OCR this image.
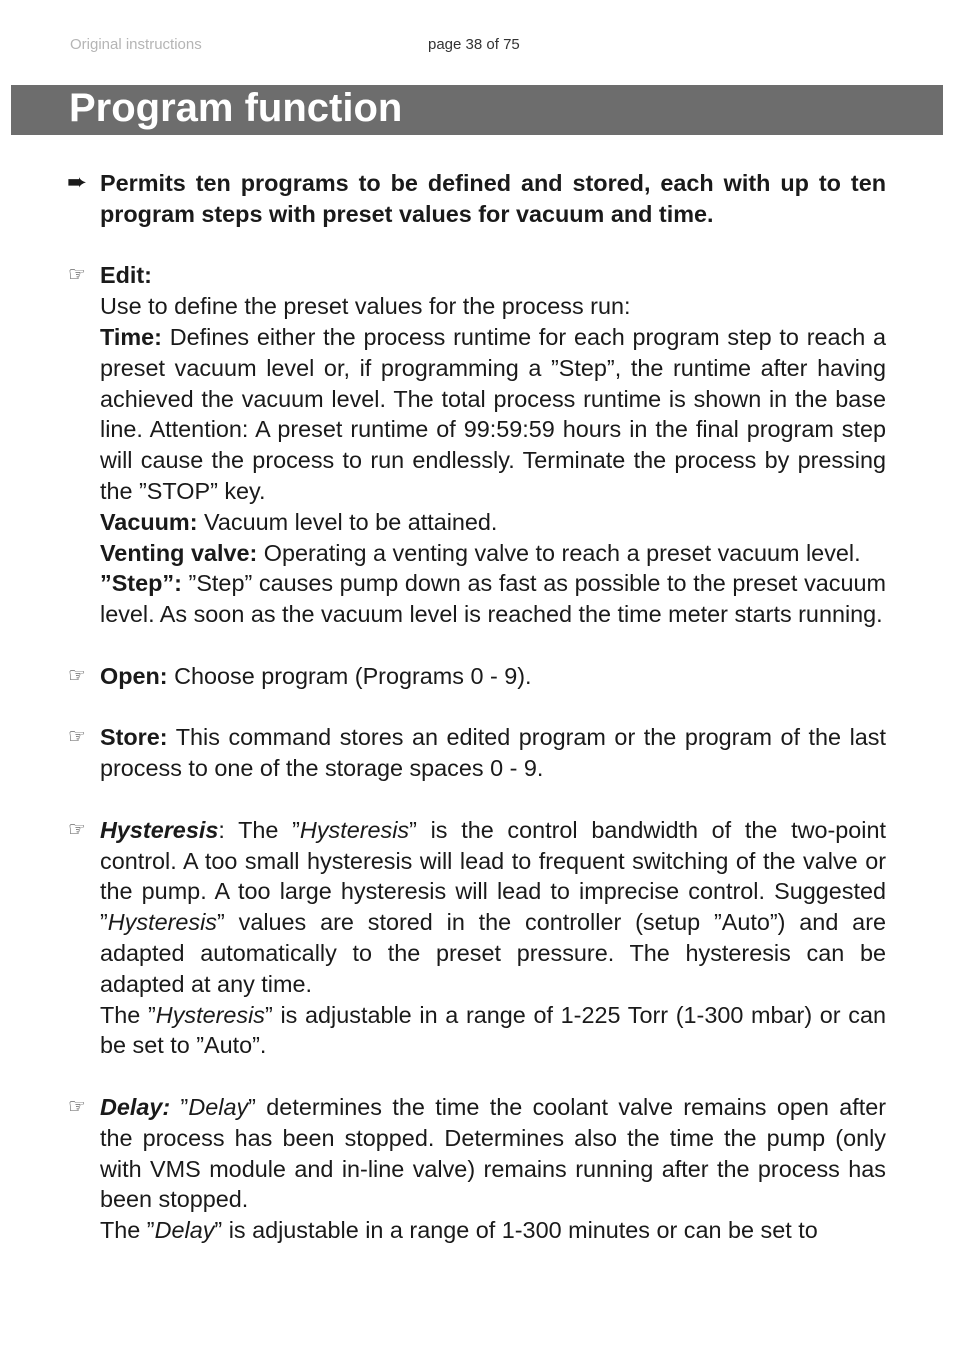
Original instructions	page 38 of 75
Program function
➨ Permits ten programs to be defined and stored, each with up to ten program steps with preset values for vacuum and time.
☞ Edit:
Use to define the preset values for the process run:
Time: Defines either the process runtime for each program step to reach a preset vacuum level or, if programming a ”Step”, the runtime after having achieved the vacuum level. The total process runtime is shown in the base line. Attention: A preset runtime of 99:59:59 hours in the final program step will cause the process to run endlessly. Terminate the process by pressing the ”STOP” key.
Vacuum: Vacuum level to be attained.
Venting valve: Operating a venting valve to reach a preset vacuum level.
”Step”: ”Step” causes pump down as fast as possible to the preset vacuum level. As soon as the vacuum level is reached the time meter starts running.
☞ Open: Choose program (Programs 0 - 9).
☞ Store: This command stores an edited program or the program of the last process to one of the storage spaces 0 - 9.
☞ Hysteresis: The ”Hysteresis” is the control bandwidth of the two-point control. A too small hysteresis will lead to frequent switching of the valve or the pump. A too large hysteresis will lead to imprecise control. Suggested ”Hysteresis” values are stored in the controller (setup ”Auto”) and are adapted automatically to the preset pressure. The hysteresis can be adapted at any time.
The ”Hysteresis” is adjustable in a range of 1-225 Torr (1-300 mbar) or can be set to ”Auto”.
☞ Delay: ”Delay” determines the time the coolant valve remains open after the process has been stopped. Determines also the time the pump (only with VMS module and in-line valve) remains running after the process has been stopped.
The ”Delay” is adjustable in a range of 1-300 minutes or can be set to
